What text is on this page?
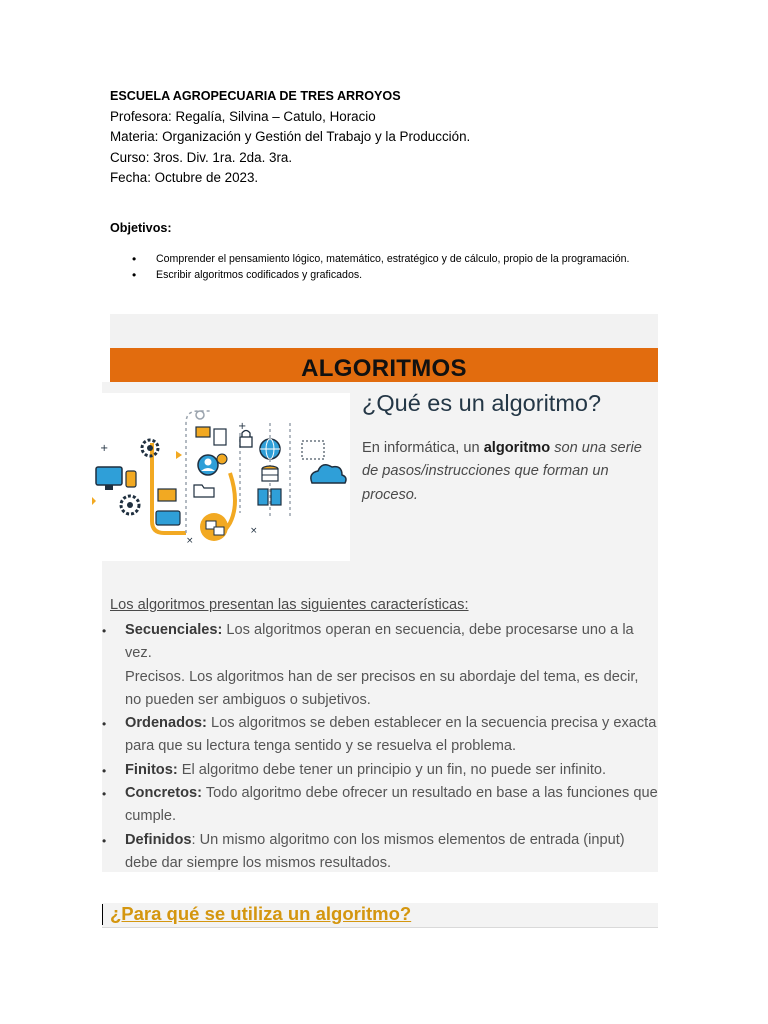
ESCUELA AGROPECUARIA DE TRES ARROYOS
Profesora: Regalía, Silvina – Catulo, Horacio
Materia: Organización y Gestión del Trabajo y la Producción.
Curso: 3ros. Div. 1ra. 2da. 3ra.
Fecha: Octubre de 2023.
Objetivos:
• Comprender el pensamiento lógico, matemático, estratégico y de cálculo, propio de la programación.
• Escribir algoritmos codificados y graficados.
ALGORITMOS
+
+
×
×
¿Qué es un algoritmo?
En informática, un algoritmo son una serie de pasos/instrucciones que forman un proceso.
Los algoritmos presentan las siguientes características:
• Secuenciales: Los algoritmos operan en secuencia, debe procesarse uno a la vez.
Precisos. Los algoritmos han de ser precisos en su abordaje del tema, es decir, no pueden ser ambiguos o subjetivos.
• Ordenados: Los algoritmos se deben establecer en la secuencia precisa y exacta para que su lectura tenga sentido y se resuelva el problema.
• Finitos: El algoritmo debe tener un principio y un fin, no puede ser infinito.
• Concretos: Todo algoritmo debe ofrecer un resultado en base a las funciones que cumple.
• Definidos: Un mismo algoritmo con los mismos elementos de entrada (input) debe dar siempre los mismos resultados.
¿Para qué se utiliza un algoritmo?
